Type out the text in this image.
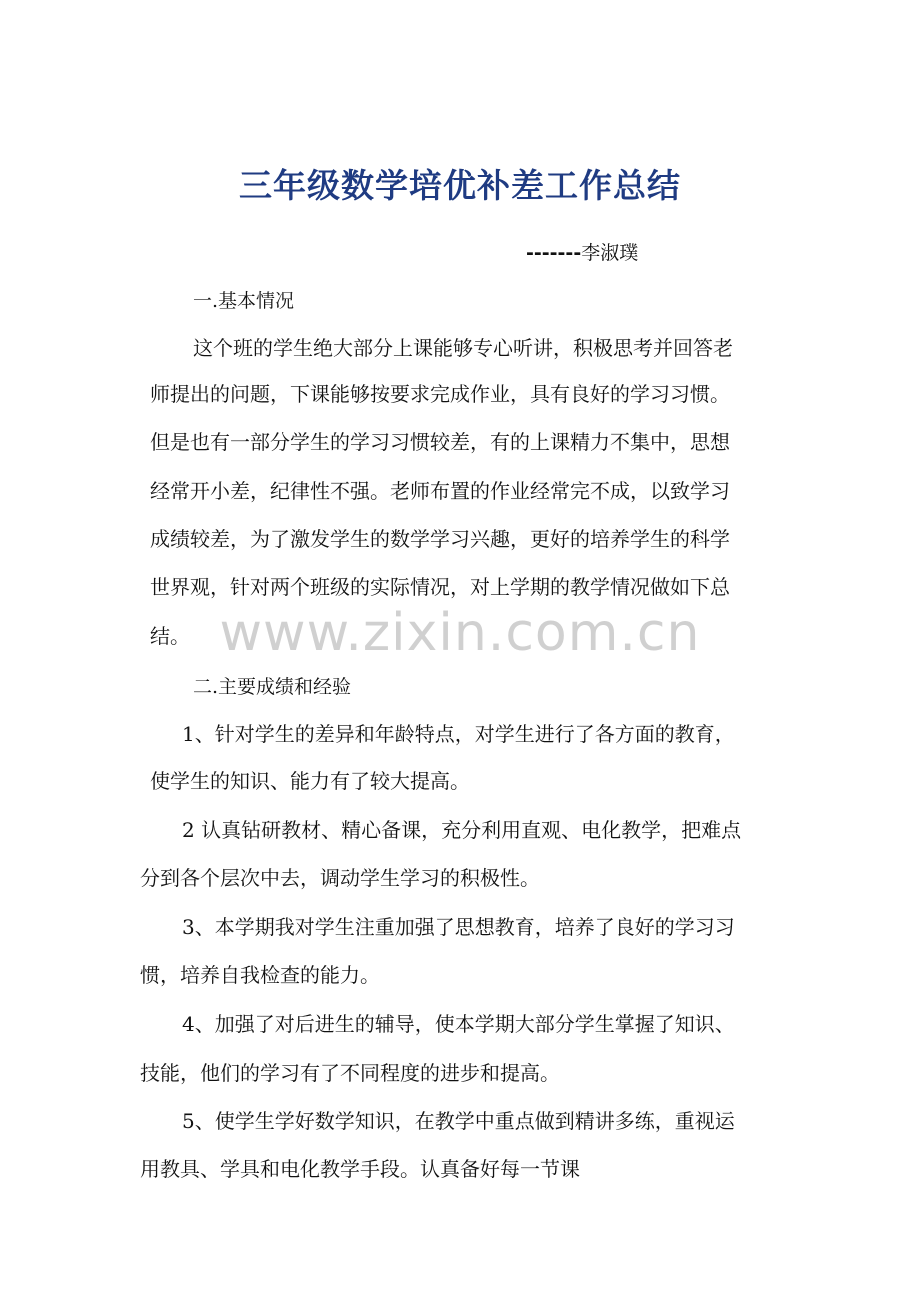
三年级数学培优补差工作总结
-------李淑璞
一.基本情况
这个班的学生绝大部分上课能够专心听讲，积极思考并回答老
师提出的问题，下课能够按要求完成作业，具有良好的学习习惯。
但是也有一部分学生的学习习惯较差，有的上课精力不集中，思想
经常开小差，纪律性不强。老师布置的作业经常完不成，以致学习
成绩较差，为了激发学生的数学学习兴趣，更好的培养学生的科学
世界观，针对两个班级的实际情况，对上学期的教学情况做如下总
结。
二.主要成绩和经验
1、针对学生的差异和年龄特点，对学生进行了各方面的教育，
使学生的知识、能力有了较大提高。
2 认真钻研教材、精心备课，充分利用直观、电化教学，把难点
分到各个层次中去，调动学生学习的积极性。
3、本学期我对学生注重加强了思想教育，培养了良好的学习习
惯，培养自我检查的能力。
4、加强了对后进生的辅导，使本学期大部分学生掌握了知识、
技能，他们的学习有了不同程度的进步和提高。
5、使学生学好数学知识，在教学中重点做到精讲多练，重视运
用教具、学具和电化教学手段。认真备好每一节课
www.zixin.com.cn
